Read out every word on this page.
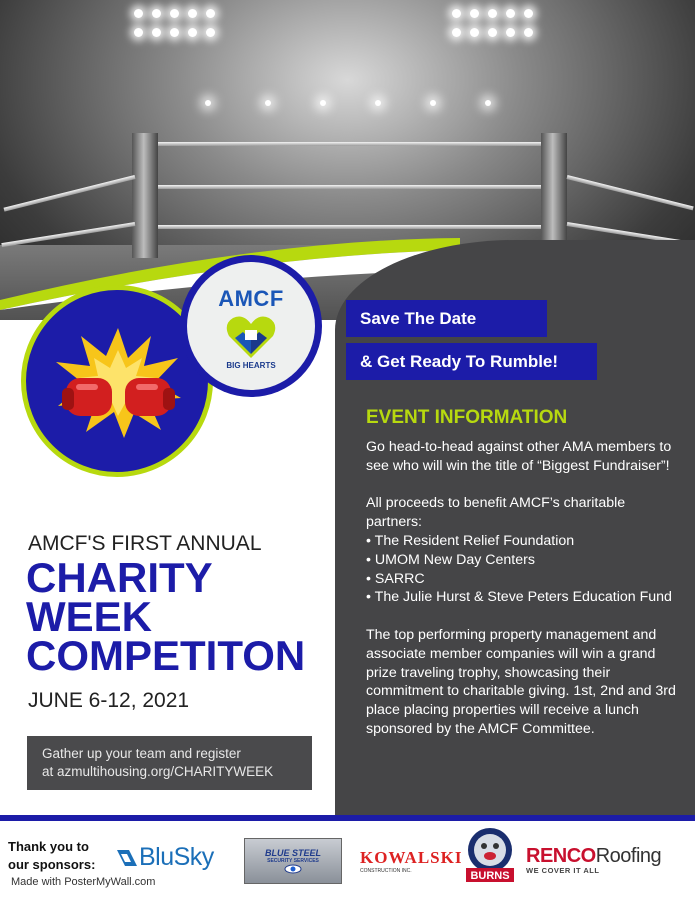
AMCF
BIG HEARTS
Save The Date
& Get Ready To Rumble!
EVENT INFORMATION

Go head-to-head against other AMA members to see who will win the title of “Biggest Fundraiser”!

All proceeds to benefit AMCF’s charitable partners:
• The Resident Relief Foundation
• UMOM New Day Centers
• SARRC
• The Julie Hurst & Steve Peters Education Fund

The top performing property management and associate member companies will win a grand prize traveling trophy, showcasing their commitment to charitable giving. 1st, 2nd and 3rd place placing properties will receive a lunch sponsored by the AMCF Committee.

AMCF'S FIRST ANNUAL
CHARITY
WEEK
COMPETITON
JUNE 6-12, 2021
Gather up your team and register
at azmultihousing.org/CHARITYWEEK
Thank you to
our sponsors:
Made with PosterMyWall.com
BluSky	BLUE STEEL
SECURITY SERVICES KOWALSKI
CONSTRUCTION INC.	BURNS
RENCORoofing
WE COVER IT ALL
